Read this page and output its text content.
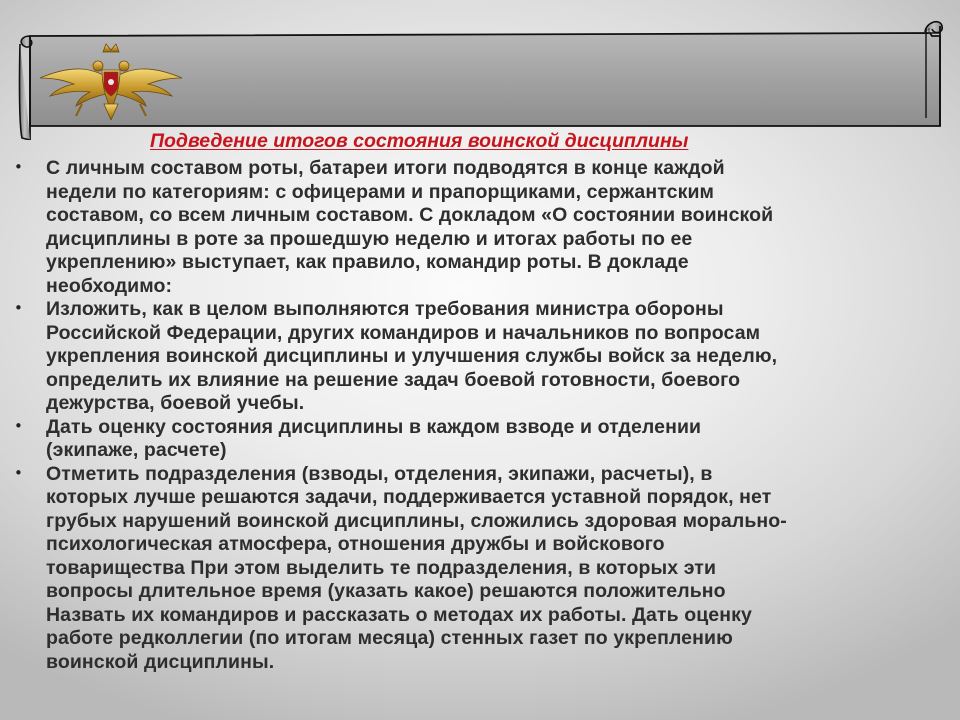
Подведение итогов состояния воинской дисциплины
• С личным составом роты, батареи итоги подводятся в конце каждой
недели по категориям: с офицерами и прапорщиками, сержантским
составом, со всем личным составом. С докладом «О состоянии воинской
дисциплины в роте за прошедшую неделю и итогах работы по ее
укреплению» выступает, как правило, командир роты. В докладе
необходимо:
• Изложить, как в целом выполняются требования министра обороны
Российской Федерации, других командиров и начальников по вопросам
укрепления воинской дисциплины и улучшения службы войск за неделю,
определить их влияние на решение задач боевой готовности, боевого
дежурства, боевой учебы.
• Дать оценку состояния дисциплины в каждом взводе и отделении
(экипаже, расчете)
• Отметить подразделения (взводы, отделения, экипажи, расчеты), в
которых лучше решаются задачи, поддерживается уставной порядок, нет
грубых нарушений воинской дисциплины, сложились здоровая морально-
психологическая атмосфера, отношения дружбы и войскового
товарищества При этом выделить те подразделения, в которых эти
вопросы длительное время (указать какое) решаются положительно
Назвать их командиров и рассказать о методах их работы. Дать оценку
работе редколлегии (по итогам месяца) стенных газет по укреплению
воинской дисциплины.
